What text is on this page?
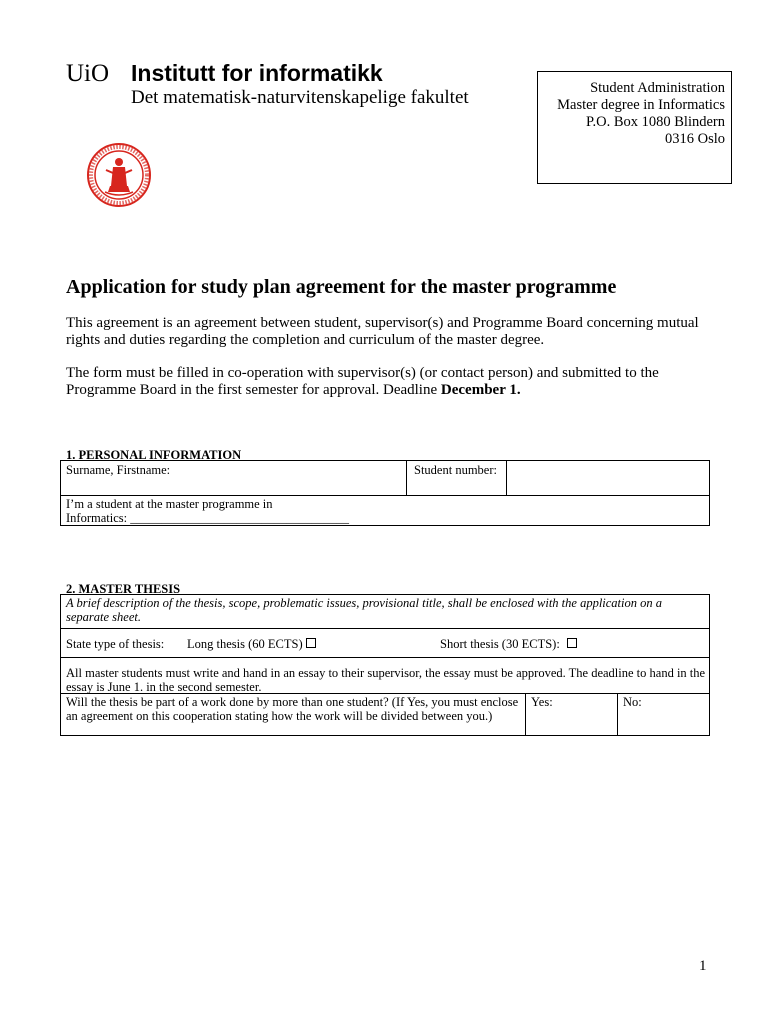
UiO Institutt for informatikk
Det matematisk-naturvitenskapelige fakultet	Student Administration
Master degree in Informatics
P.O. Box 1080 Blindern
0316 Oslo
Application for study plan agreement for the master programme
This agreement is an agreement between student, supervisor(s) and Programme Board concerning mutual rights and duties regarding the completion and curriculum of the master degree.
The form must be filled in co-operation with supervisor(s) (or contact person) and submitted to the Programme Board in the first semester for approval. Deadline December 1.
1. PERSONAL INFORMATION
Surname, Firstname:	Student number:
I’m a student at the master programme in
Informatics: ___________________________________
2. MASTER THESIS
A brief description of the thesis, scope, problematic issues, provisional title, shall be enclosed with the application on a separate sheet.
State type of thesis: Long thesis (60 ECTS)	Short thesis (30 ECTS):
All master students must write and hand in an essay to their supervisor, the essay must be approved. The deadline to hand in the essay is June 1. in the second semester.
Will the thesis be part of a work done by more than one student? (If Yes, you must enclose an agreement on this cooperation stating how the work will be divided between you.)
Yes:	No:
1
